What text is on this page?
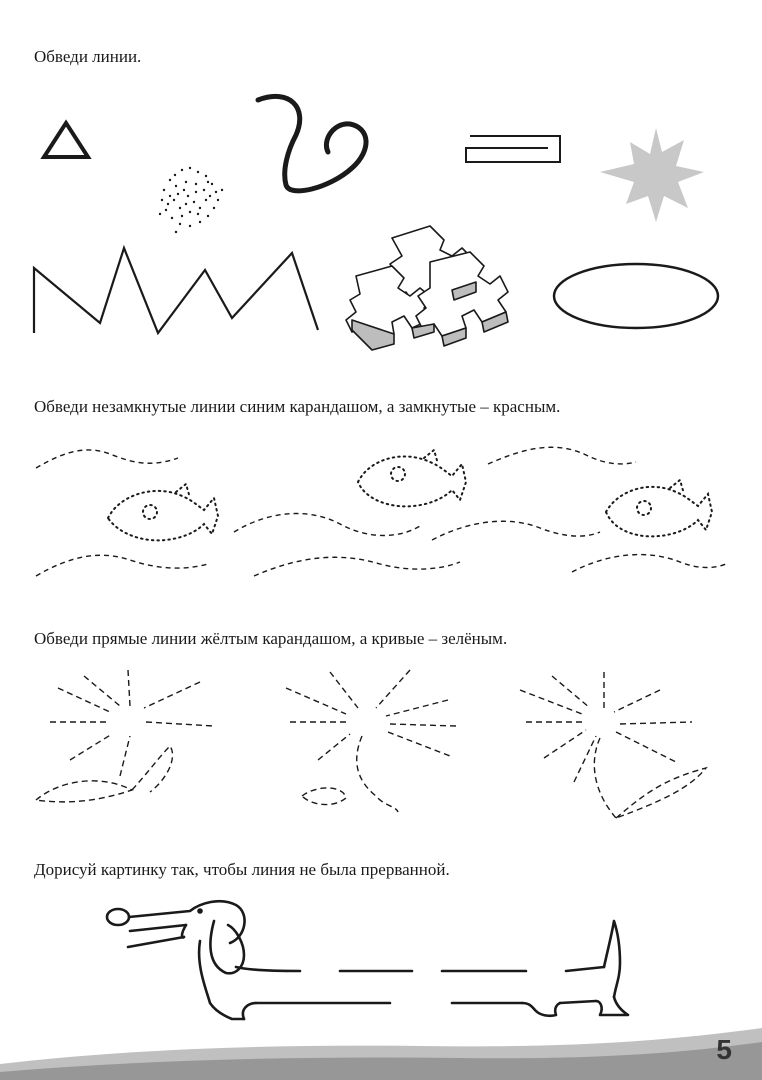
Обведи линии.

Обведи незамкнутые линии синим карандашом, а замкнутые – красным.

Обведи прямые линии жёлтым карандашом, а кривые – зелёным.

Дорисуй картинку так, чтобы линия не была прерванной.

5
